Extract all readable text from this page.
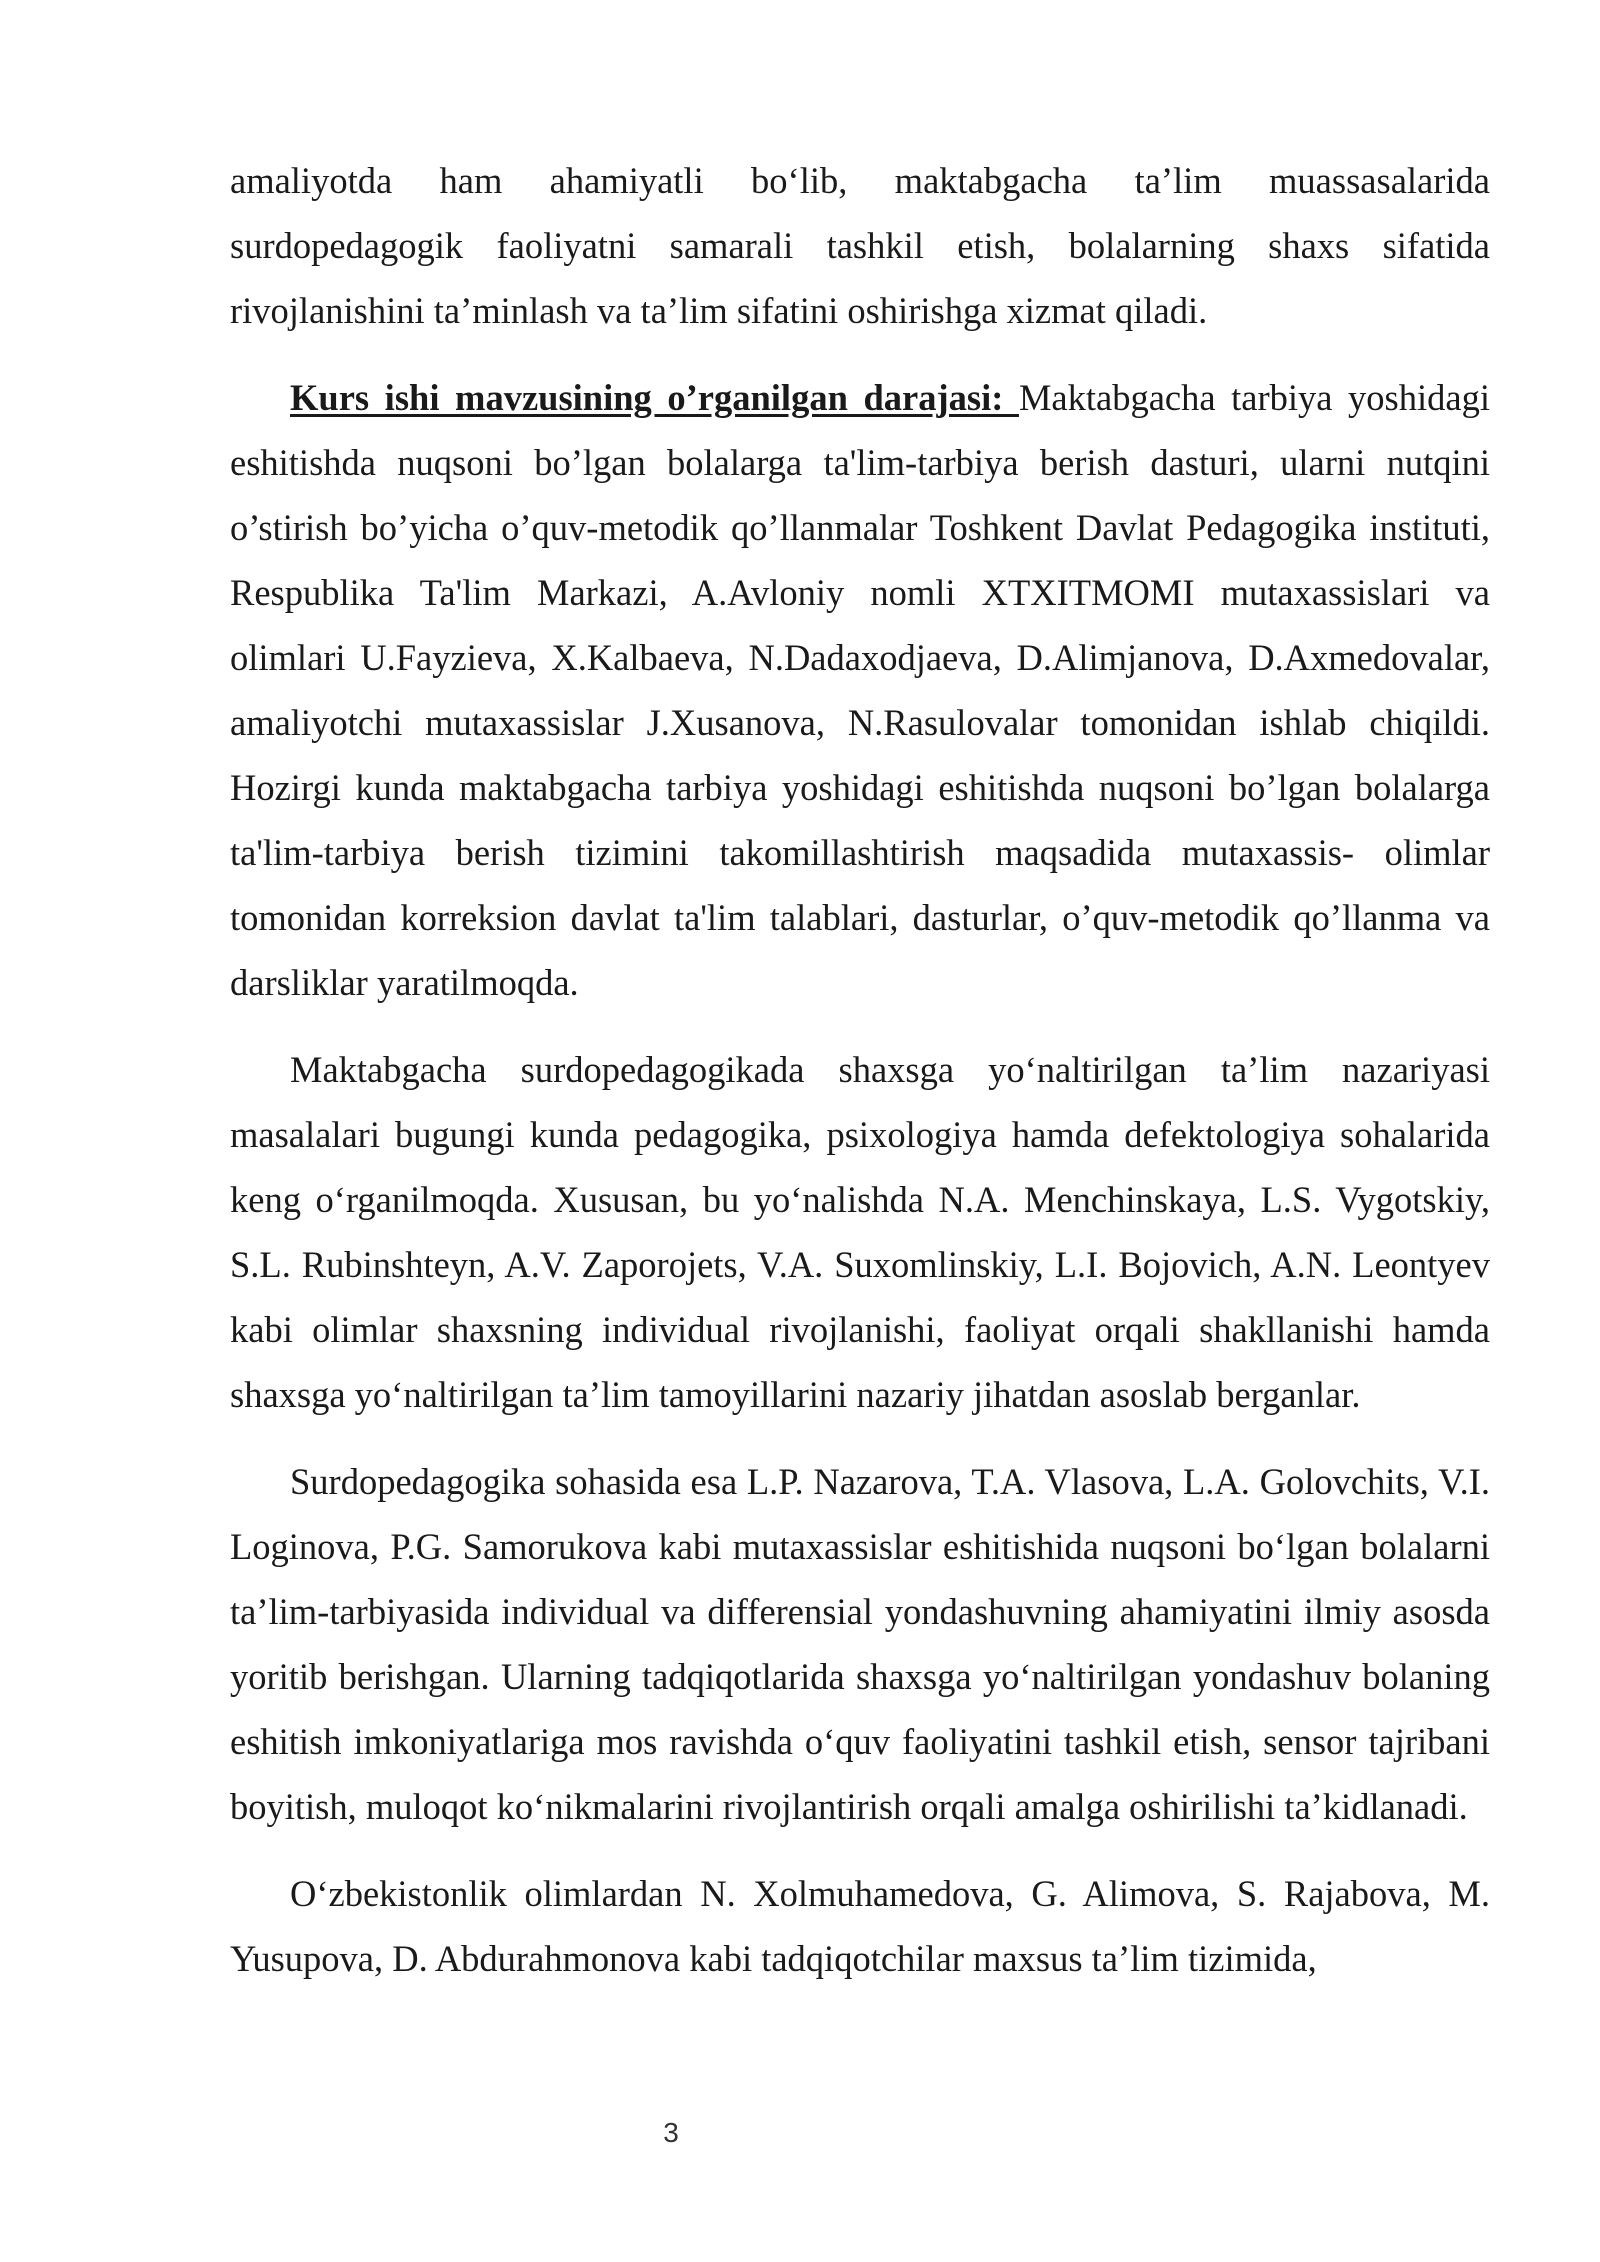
amaliyotda ham ahamiyatli bo‘lib, maktabgacha ta’lim muassasalarida surdopedagogik faoliyatni samarali tashkil etish, bolalarning shaxs sifatida rivojlanishini ta’minlash va ta’lim sifatini oshirishga xizmat qiladi.

Kurs ishi mavzusining o’rganilgan darajasi: Maktabgacha tarbiya yoshidagi eshitishda nuqsoni bo’lgan bolalarga ta'lim-tarbiya berish dasturi, ularni nutqini o’stirish bo’yicha o’quv-metodik qo’llanmalar Toshkent Davlat Pedagogika instituti, Respublika Ta'lim Markazi, A.Avloniy nomli XTXITMOMI mutaxassislari va olimlari U.Fayzieva, X.Kalbaeva, N.Dadaxodjaeva, D.Alimjanova, D.Axmedovalar, amaliyotchi mutaxassislar J.Xusanova, N.Rasulovalar tomonidan ishlab chiqildi. Hozirgi kunda maktabgacha tarbiya yoshidagi eshitishda nuqsoni bo’lgan bolalarga ta'lim-tarbiya berish tizimini takomillashtirish maqsadida mutaxassis- olimlar tomonidan korreksion davlat ta'lim talablari, dasturlar, o’quv-metodik qo’llanma va darsliklar yaratilmoqda.

Maktabgacha surdopedagogikada shaxsga yo‘naltirilgan ta’lim nazariyasi masalalari bugungi kunda pedagogika, psixologiya hamda defektologiya sohalarida keng o‘rganilmoqda. Xususan, bu yo‘nalishda N.A. Menchinskaya, L.S. Vygotskiy, S.L. Rubinshteyn, A.V. Zaporojets, V.A. Suxomlinskiy, L.I. Bojovich, A.N. Leontyev kabi olimlar shaxsning individual rivojlanishi, faoliyat orqali shakllanishi hamda shaxsga yo‘naltirilgan ta’lim tamoyillarini nazariy jihatdan asoslab berganlar.

Surdopedagogika sohasida esa L.P. Nazarova, T.A. Vlasova, L.A. Golovchits, V.I. Loginova, P.G. Samorukova kabi mutaxassislar eshitishida nuqsoni bo‘lgan bolalarni ta’lim-tarbiyasida individual va differensial yondashuvning ahamiyatini ilmiy asosda yoritib berishgan. Ularning tadqiqotlarida shaxsga yo‘naltirilgan yondashuv bolaning eshitish imkoniyatlariga mos ravishda o‘quv faoliyatini tashkil etish, sensor tajribani boyitish, muloqot ko‘nikmalarini rivojlantirish orqali amalga oshirilishi ta’kidlanadi.

O‘zbekistonlik olimlardan N. Xolmuhamedova, G. Alimova, S. Rajabova, M. Yusupova, D. Abdurahmonova kabi tadqiqotchilar maxsus ta’lim tizimida,

3
